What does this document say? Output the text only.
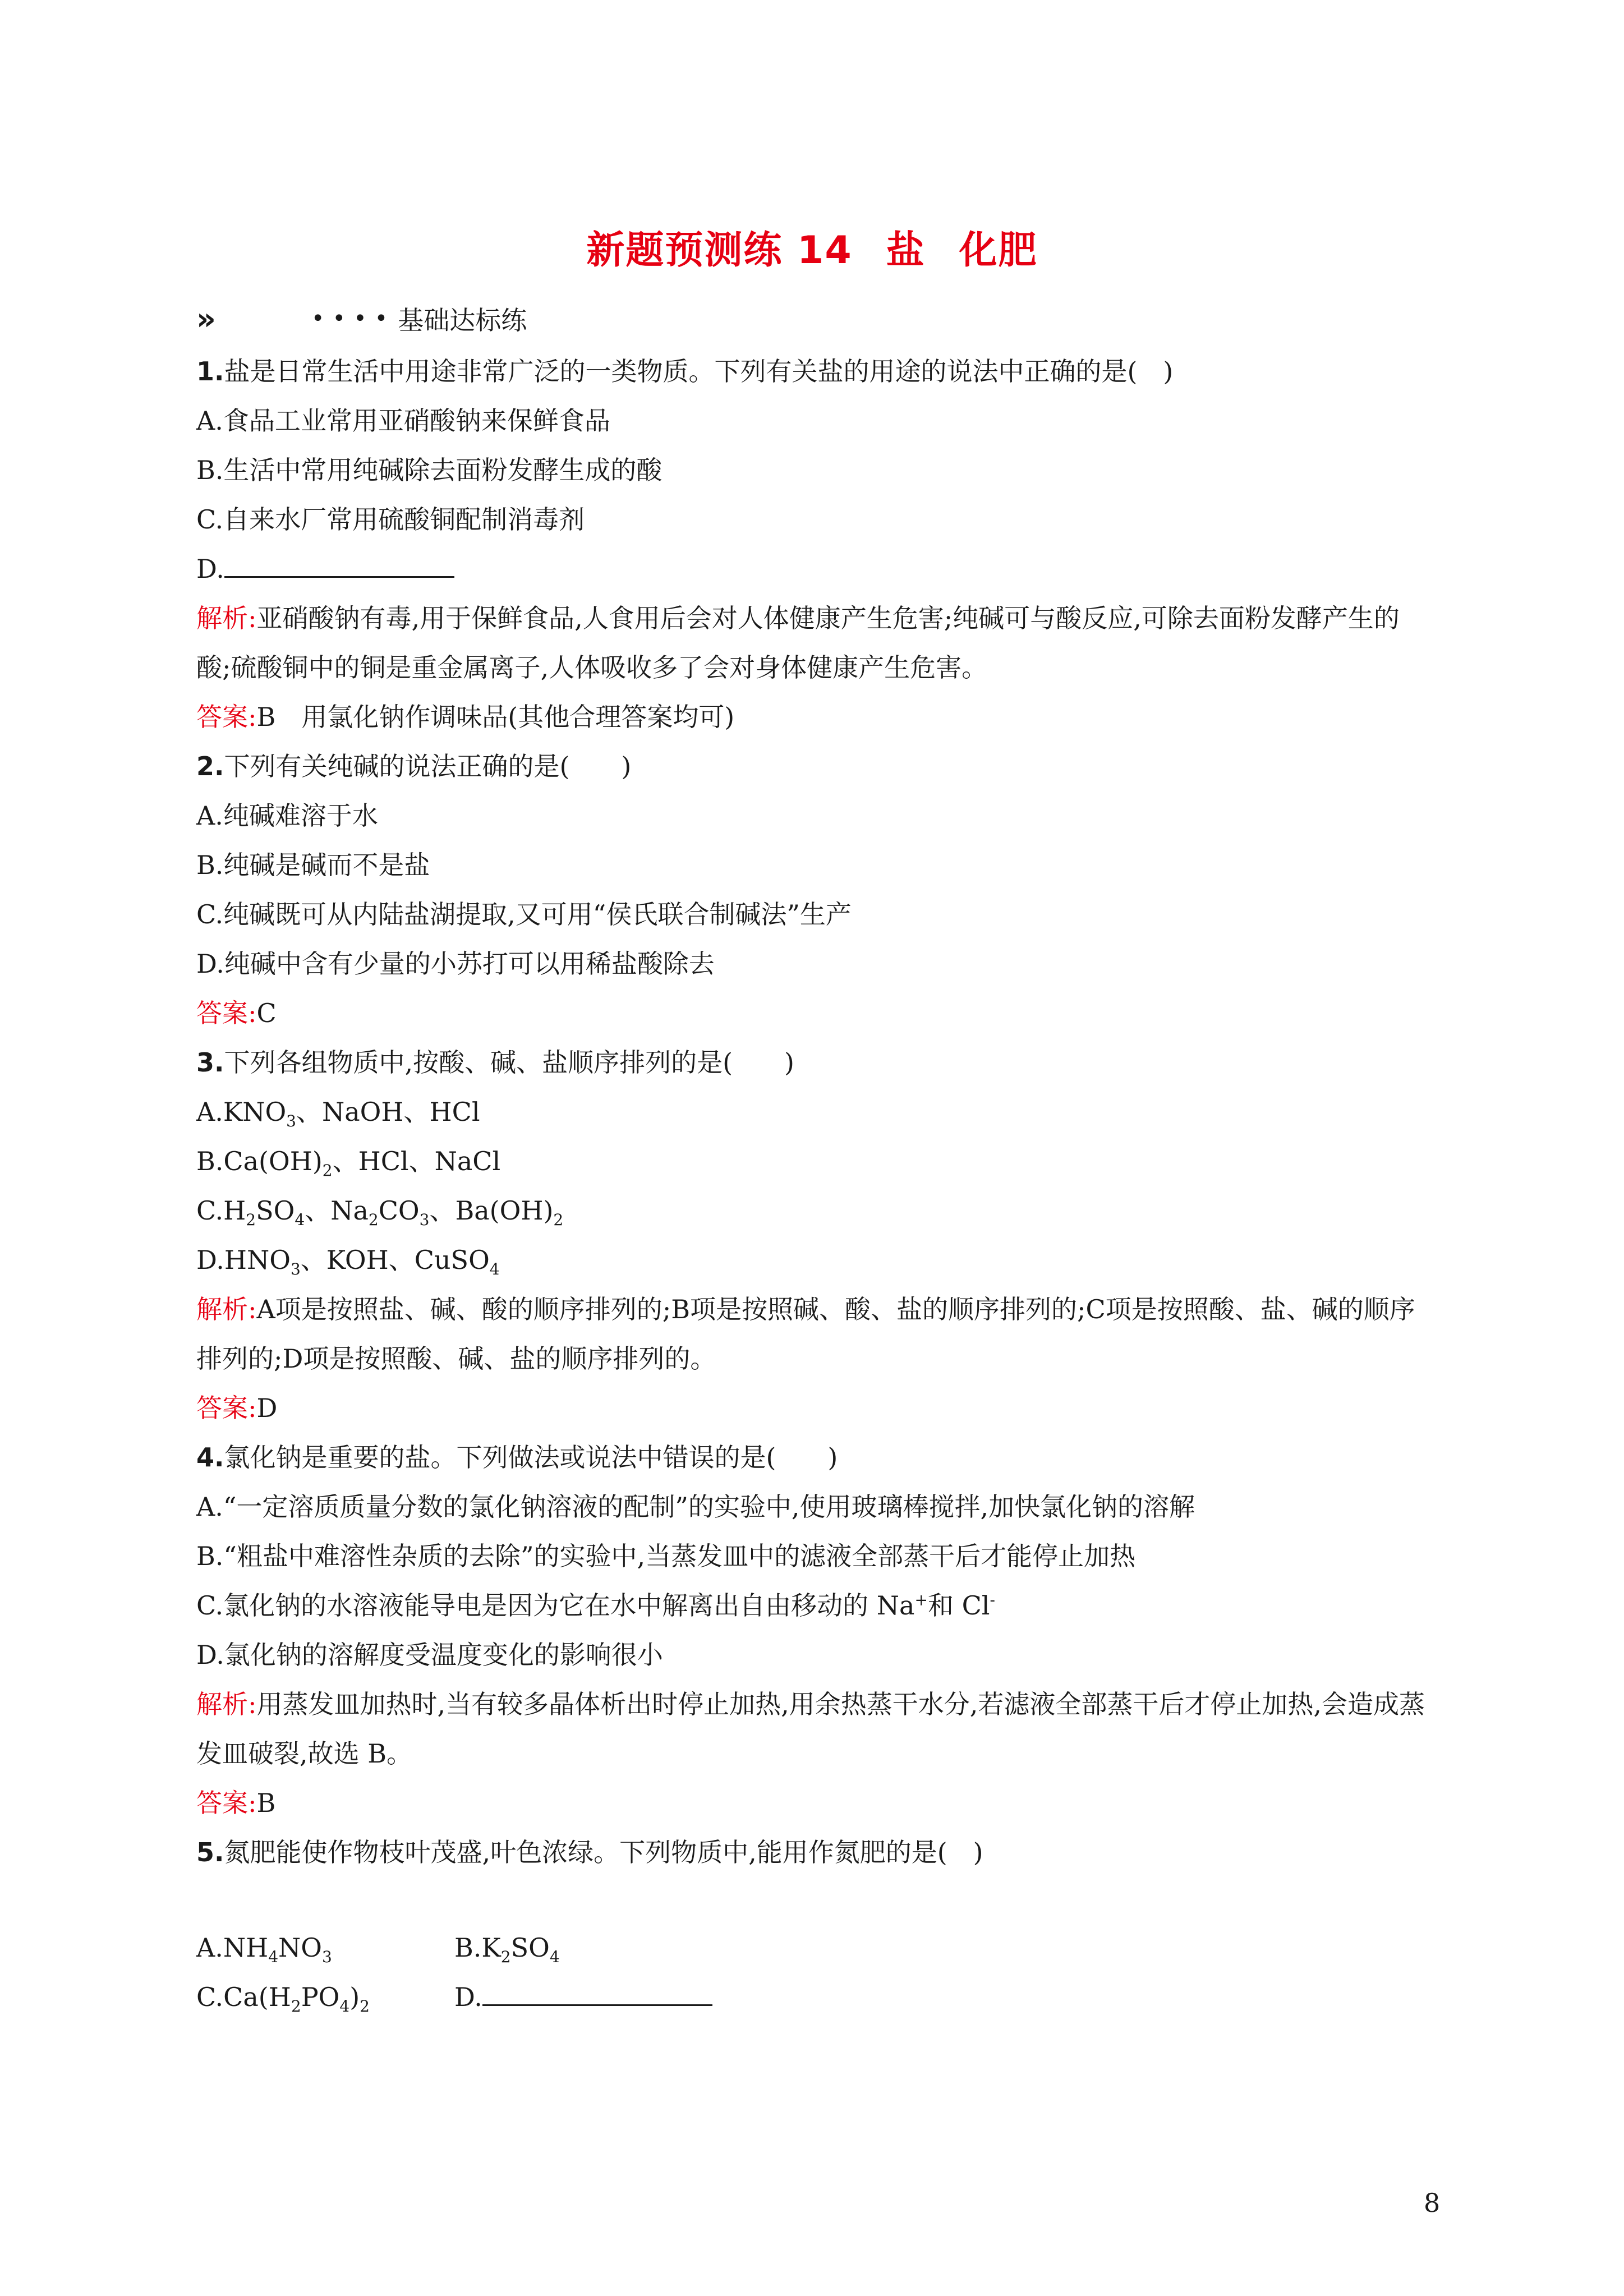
新题预测练 14 盐 化肥
»	•••• 基础达标练
1.盐是日常生活中用途非常广泛的一类物质。下列有关盐的用途的说法中正确的是(　)
A.食品工业常用亚硝酸钠来保鲜食品
B.生活中常用纯碱除去面粉发酵生成的酸
C.自来水厂常用硫酸铜配制消毒剂
D.
解析:亚硝酸钠有毒,用于保鲜食品,人食用后会对人体健康产生危害;纯碱可与酸反应,可除去面粉发酵产生的酸;硫酸铜中的铜是重金属离子,人体吸收多了会对身体健康产生危害。
答案:B　用氯化钠作调味品(其他合理答案均可)
2.下列有关纯碱的说法正确的是(　　)
A.纯碱难溶于水
B.纯碱是碱而不是盐
C.纯碱既可从内陆盐湖提取,又可用“侯氏联合制碱法”生产
D.纯碱中含有少量的小苏打可以用稀盐酸除去
答案:C
3.下列各组物质中,按酸、碱、盐顺序排列的是(　　)
$A.KNO_3$、NaOH、HCl
$B.Ca(OH)_2$、HCl、NaCl
$C.H_2SO_4$、$Na_2CO_3$、$Ba(OH)_2$
$D.HNO_3$、KOH、CuSO$_4$
解析:A项是按照盐、碱、酸的顺序排列的;B项是按照碱、酸、盐的顺序排列的;C项是按照酸、盐、碱的顺序排列的;D项是按照酸、碱、盐的顺序排列的。
答案:D
4.氯化钠是重要的盐。下列做法或说法中错误的是(　　)
A.“一定溶质质量分数的氯化钠溶液的配制”的实验中,使用玻璃棒搅拌,加快氯化钠的溶解
B.“粗盐中难溶性杂质的去除”的实验中,当蒸发皿中的滤液全部蒸干后才能停止加热
C.氯化钠的水溶液能导电是因为它在水中解离出自由移动的 Na+和 Cl-
D.氯化钠的溶解度受温度变化的影响很小
解析:用蒸发皿加热时,当有较多晶体析出时停止加热,用余热蒸干水分,若滤液全部蒸干后才停止加热,会造成蒸发皿破裂,故选 B。
答案:B
5.氮肥能使作物枝叶茂盛,叶色浓绿。下列物质中,能用作氮肥的是(　)
$A.NH_4NO_3$	$B.K_2SO_4$
$C.Ca(H_2PO_4)_2$	D.
8
